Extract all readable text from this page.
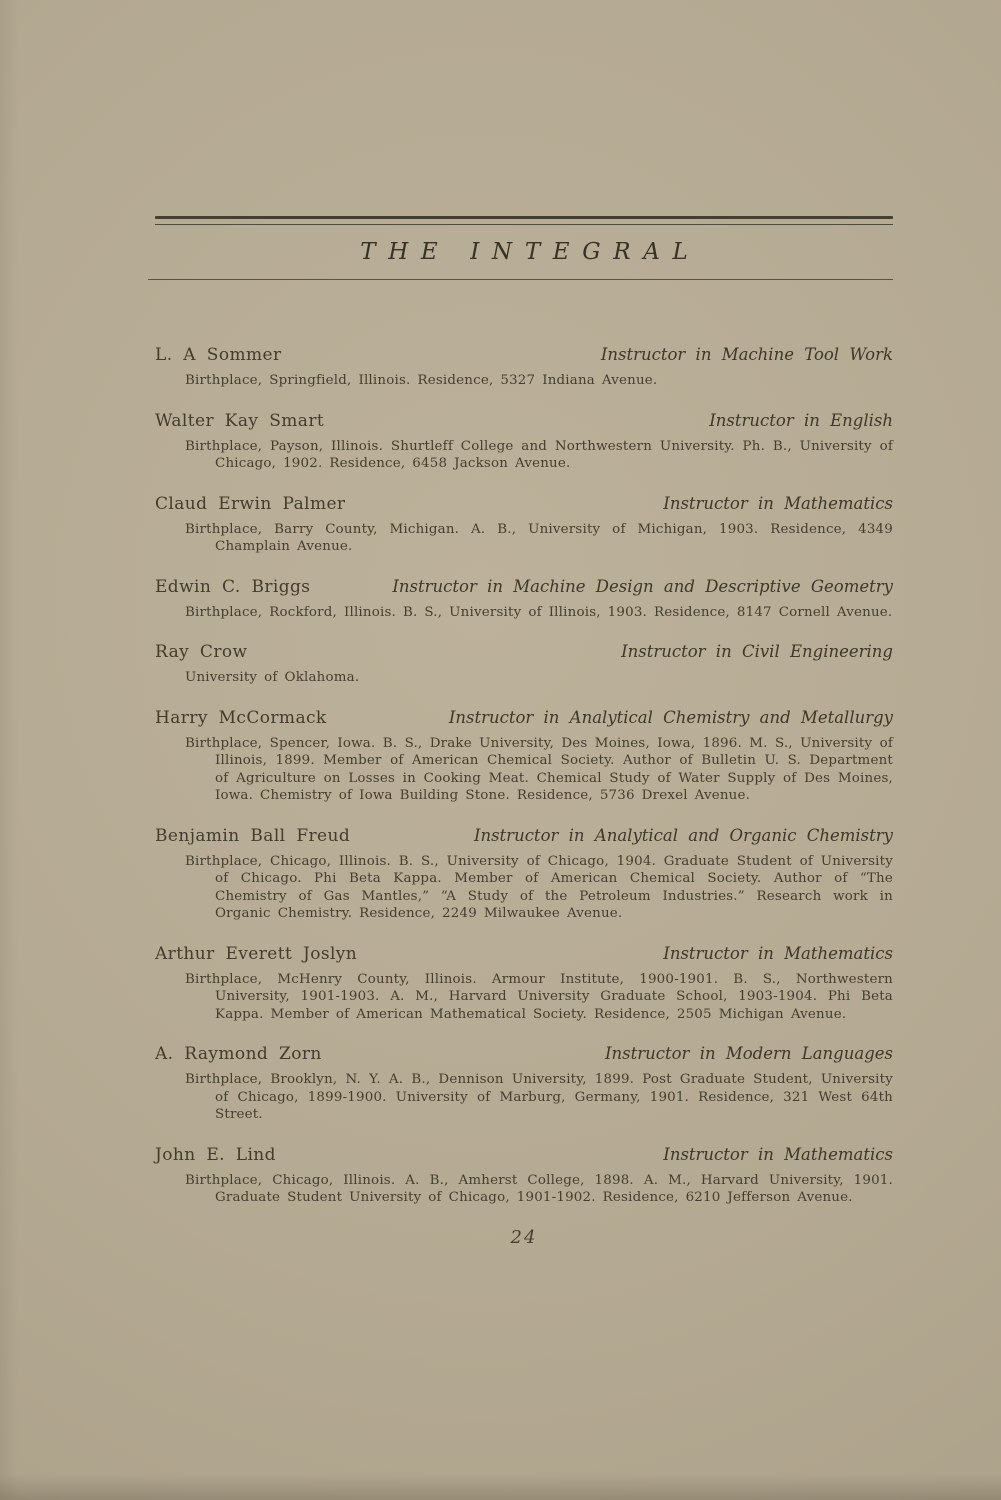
THE INTEGRAL
L. A Sommer	Instructor in Machine Tool Work

Birthplace, Springfield, Illinois. Residence, 5327 Indiana Avenue.

Walter Kay Smart	Instructor in English

Birthplace, Payson, Illinois. Shurtleff College and Northwestern University. Ph. B., University of Chicago, 1902. Residence, 6458 Jackson Avenue.

Claud Erwin Palmer	Instructor in Mathematics

Birthplace, Barry County, Michigan. A. B., University of Michigan, 1903. Residence, 4349 Champlain Avenue.

Edwin C. Briggs	Instructor in Machine Design and Descriptive Geometry

Birthplace, Rockford, Illinois. B. S., University of Illinois, 1903. Residence, 8147 Cornell Avenue.

Ray Crow	Instructor in Civil Engineering

University of Oklahoma.

Harry McCormack	Instructor in Analytical Chemistry and Metallurgy

Birthplace, Spencer, Iowa. B. S., Drake University, Des Moines, Iowa, 1896. M. S., University of Illinois, 1899. Member of American Chemical Society. Author of Bulletin U. S. Department of Agriculture on Losses in Cooking Meat. Chemical Study of Water Supply of Des Moines, Iowa. Chemistry of Iowa Building Stone. Residence, 5736 Drexel Avenue.

Benjamin Ball Freud	Instructor in Analytical and Organic Chemistry

Birthplace, Chicago, Illinois. B. S., University of Chicago, 1904. Graduate Student of University of Chicago. Phi Beta Kappa. Member of American Chemical Society. Author of “The Chemistry of Gas Mantles,” “A Study of the Petroleum Industries.” Research work in Organic Chemistry. Residence, 2249 Milwaukee Avenue.

Arthur Everett Joslyn	Instructor in Mathematics

Birthplace, McHenry County, Illinois. Armour Institute, 1900-1901. B. S., Northwestern University, 1901-1903. A. M., Harvard University Graduate School, 1903-1904. Phi Beta Kappa. Member of American Mathematical Society. Residence, 2505 Michigan Avenue.

A. Raymond Zorn	Instructor in Modern Languages

Birthplace, Brooklyn, N. Y. A. B., Dennison University, 1899. Post Graduate Student, University of Chicago, 1899-1900. University of Marburg, Germany, 1901. Residence, 321 West 64th Street.

John E. Lind	Instructor in Mathematics

Birthplace, Chicago, Illinois. A. B., Amherst College, 1898. A. M., Harvard University, 1901. Graduate Student University of Chicago, 1901-1902. Residence, 6210 Jefferson Avenue.

24
